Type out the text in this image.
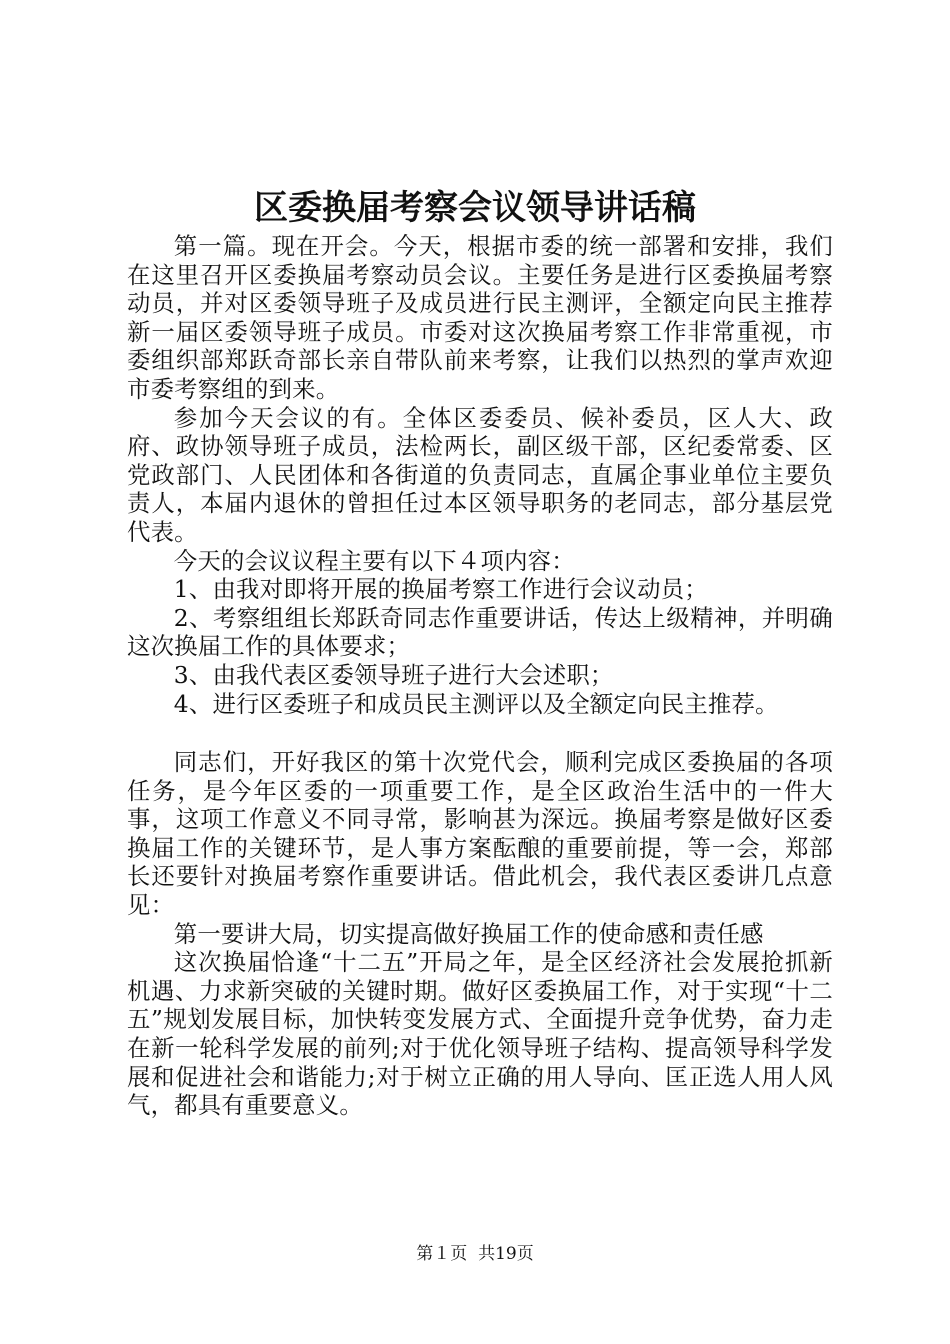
区委换届考察会议领导讲话稿

第一篇。现在开会。今天，根据市委的统一部署和安排，我们在这里召开区委换届考察动员会议。主要任务是进行区委换届考察动员，并对区委领导班子及成员进行民主测评，全额定向民主推荐新一届区委领导班子成员。市委对这次换届考察工作非常重视，市委组织部郑跃奇部长亲自带队前来考察，让我们以热烈的掌声欢迎市委考察组的到来。

参加今天会议的有。全体区委委员、候补委员，区人大、政府、政协领导班子成员，法检两长，副区级干部，区纪委常委、区党政部门、人民团体和各街道的负责同志，直属企事业单位主要负责人，本届内退休的曾担任过本区领导职务的老同志，部分基层党代表。

今天的会议议程主要有以下４项内容：

1、由我对即将开展的换届考察工作进行会议动员；

2、考察组组长郑跃奇同志作重要讲话，传达上级精神，并明确这次换届工作的具体要求；

3、由我代表区委领导班子进行大会述职；

4、进行区委班子和成员民主测评以及全额定向民主推荐。

同志们，开好我区的第十次党代会，顺利完成区委换届的各项任务，是今年区委的一项重要工作，是全区政治生活中的一件大事，这项工作意义不同寻常，影响甚为深远。换届考察是做好区委换届工作的关键环节，是人事方案酝酿的重要前提，等一会，郑部长还要针对换届考察作重要讲话。借此机会，我代表区委讲几点意见：

第一要讲大局，切实提高做好换届工作的使命感和责任感

这次换届恰逢“十二五”开局之年，是全区经济社会发展抢抓新机遇、力求新突破的关键时期。做好区委换届工作，对于实现“十二五”规划发展目标，加快转变发展方式、全面提升竞争优势，奋力走在新一轮科学发展的前列;对于优化领导班子结构、提高领导科学发展和促进社会和谐能力;对于树立正确的用人导向、匡正选人用人风气，都具有重要意义。

第１页 共19页
